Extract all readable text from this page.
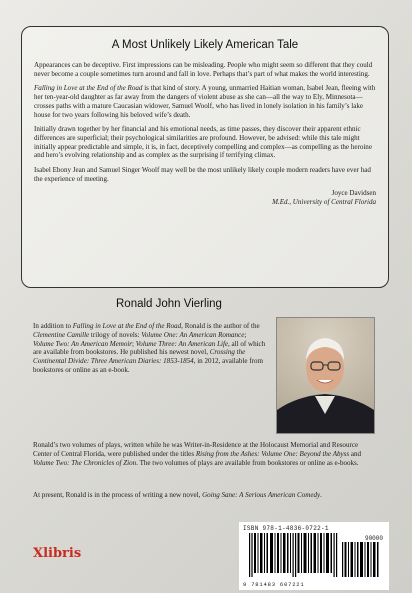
A Most Unlikely Likely American Tale

Appearances can be deceptive. First impressions can be misleading. People who might seem so different that they could never become a couple sometimes turn around and fall in love. Perhaps that’s part of what makes the world interesting.

Falling in Love at the End of the Road is that kind of story. A young, unmarried Haitian woman, Isabel Jean, fleeing with her ten-year-old daughter as far away from the dangers of violent abuse as she can—all the way to Ely, Minnesota—crosses paths with a mature Caucasian widower, Samuel Woolf, who has lived in lonely isolation in his family’s lake house for two years following his beloved wife’s death.

Initially drawn together by her financial and his emotional needs, as time passes, they discover their apparent ethnic differences are superficial; their psychological similarities are profound. However, be advised: while this tale might initially appear predictable and simple, it is, in fact, deceptively compelling and complex—as compelling as the heroine and hero’s evolving relationship and as complex as the surprising if terrifying climax.

Isabel Ebony Jean and Samuel Singer Woolf may well be the most unlikely likely couple modern readers have ever had the experience of meeting.

Joyce Davidsen
M.Ed., University of Central Florida
Ronald John Vierling
In addition to Falling in Love at the End of the Road, Ronald is the author of the Clementine Camille trilogy of novels: Volume One: An American Romance; Volume Two: An American Memoir; Volume Three: An American Life, all of which are available from bookstores. He published his newest novel, Crossing the Continental Divide: Three American Diaries: 1853-1854, in 2012, available from bookstores or online as an e-book.

Ronald’s two volumes of plays, written while he was Writer-in-Residence at the Holocaust Memorial and Resource Center of Central Florida, were published under the titles Rising from the Ashes: Volume One: Beyond the Abyss and Volume Two: The Chronicles of Zion. The two volumes of plays are available from bookstores or online as e-books.

At present, Ronald is in the process of writing a new novel, Going Sane: A Serious American Comedy.

Xlibris
ISBN 978-1-4836-0722-1
90000
9 781483 607221
